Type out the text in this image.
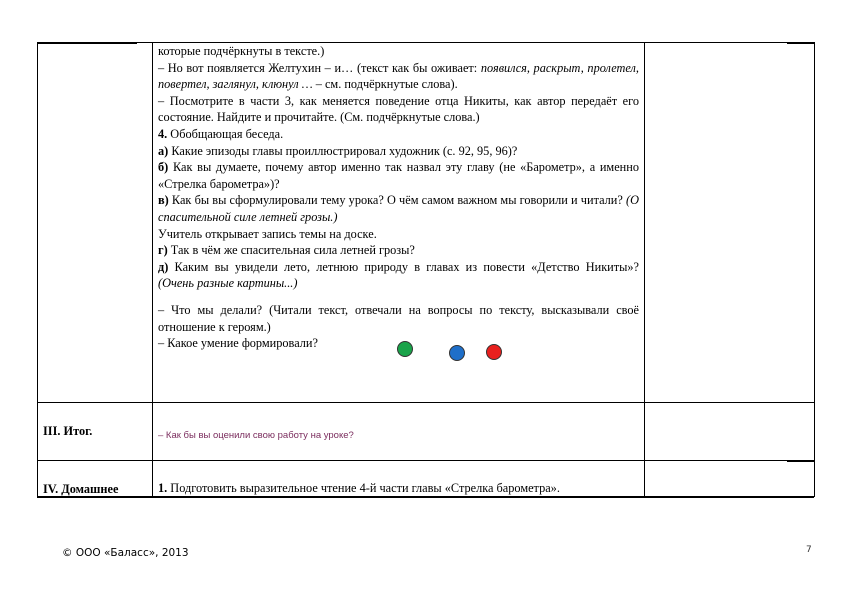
которые подчёркнуты в тексте.)

– Но вот появляется Желтухин – и… (текст как бы оживает: появился, раскрыт, пролетел, повертел, заглянул, клюнул … – см. подчёркнутые слова).

– Посмотрите в части 3, как меняется поведение отца Никиты, как автор передаёт его состояние. Найдите и прочитайте. (См. подчёркнутые слова.)

4. Обобщающая беседа.

а) Какие эпизоды главы проиллюстрировал художник (с. 92, 95, 96)?

б) Как вы думаете, почему автор именно так назвал эту главу (не «Барометр», а именно «Стрелка барометра»)?

в) Как бы вы сформулировали тему урока? О чём самом важном мы говорили и читали? (О спасительной силе летней грозы.)

Учитель открывает запись темы на доске.

г) Так в чём же спасительная сила летней грозы?

д) Каким вы увидели лето, летнюю природу в главах из повести «Детство Никиты»? (Очень разные картины...)

– Что мы делали? (Читали текст, отвечали на вопросы по тексту, высказывали своё отношение к героям.)

– Какое умение формировали?

III. Итог.	– Как бы вы оценили свою работу на уроке?
IV. Домашнее	1. Подготовить выразительное чтение 4-й части главы «Стрелка барометра».
© ООО «Баласс», 2013	7
